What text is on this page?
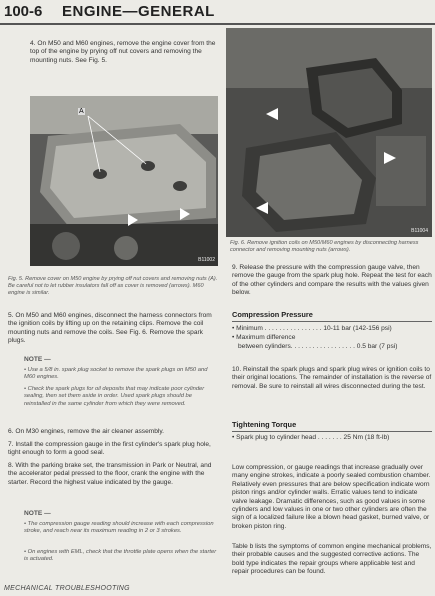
100-6 ENGINE—GENERAL
4. On M50 and M60 engines, remove the engine cover from the top of the engine by prying off nut covers and removing the mounting nuts. See Fig. 5.
A
B11002
Fig. 5. Remove cover on M50 engine by prying off nut covers and removing nuts (A). Be careful not to let rubber insulators fall off as cover is removed (arrows). M60 engine is similar.
5. On M50 and M60 engines, disconnect the harness connectors from the ignition coils by lifting up on the retaining clips. Remove the coil mounting nuts and remove the coils. See Fig. 6. Remove the spark plugs.
NOTE —
• Use a 5/8 in. spark plug socket to remove the spark plugs on M50 and M60 engines.
• Check the spark plugs for oil deposits that may indicate poor cylinder sealing, then set them aside in order. Used spark plugs should be reinstalled in the same cylinder from which they were removed.
6. On M30 engines, remove the air cleaner assembly.
7. Install the compression gauge in the first cylinder's spark plug hole, tight enough to form a good seal.
8. With the parking brake set, the transmission in Park or Neutral, and the accelerator pedal pressed to the floor, crank the engine with the starter. Record the highest value indicated by the gauge.
NOTE —
• The compression gauge reading should increase with each compression stroke, and reach near its maximum reading in 2 or 3 strokes.
• On engines with EML, check that the throttle plate opens when the starter is actuated.
B11004
Fig. 6. Remove ignition coils on M50/M60 engines by disconnecting harness connector and removing mounting nuts (arrows).
9. Release the pressure with the compression gauge valve, then remove the gauge from the spark plug hole. Repeat the test for each of the other cylinders and compare the results with the values given below.
Compression Pressure
• Minimum . . . . . . . . . . . . . . . . 10-11 bar (142-156 psi)
• Maximum difference
between cylinders. . . . . . . . . . . . . . . . . . 0.5 bar (7 psi)
10. Reinstall the spark plugs and spark plug wires or ignition coils to their original locations. The remainder of installation is the reverse of removal. Be sure to reinstall all wires disconnected during the test.
Tightening Torque
• Spark plug to cylinder head . . . . . . . 25 Nm (18 ft-lb)
Low compression, or gauge readings that increase gradually over many engine strokes, indicate a poorly sealed combustion chamber. Relatively even pressures that are below specification indicate worn piston rings and/or cylinder walls. Erratic values tend to indicate valve leakage. Dramatic differences, such as good values in some cylinders and low values in one or two other cylinders are often the sign of a localized failure like a blown head gasket, burned valve, or broken piston ring.
Table b lists the symptoms of common engine mechanical problems, their probable causes and the suggested corrective actions. The bold type indicates the repair groups where applicable test and repair procedures can be found.
MECHANICAL TROUBLESHOOTING
